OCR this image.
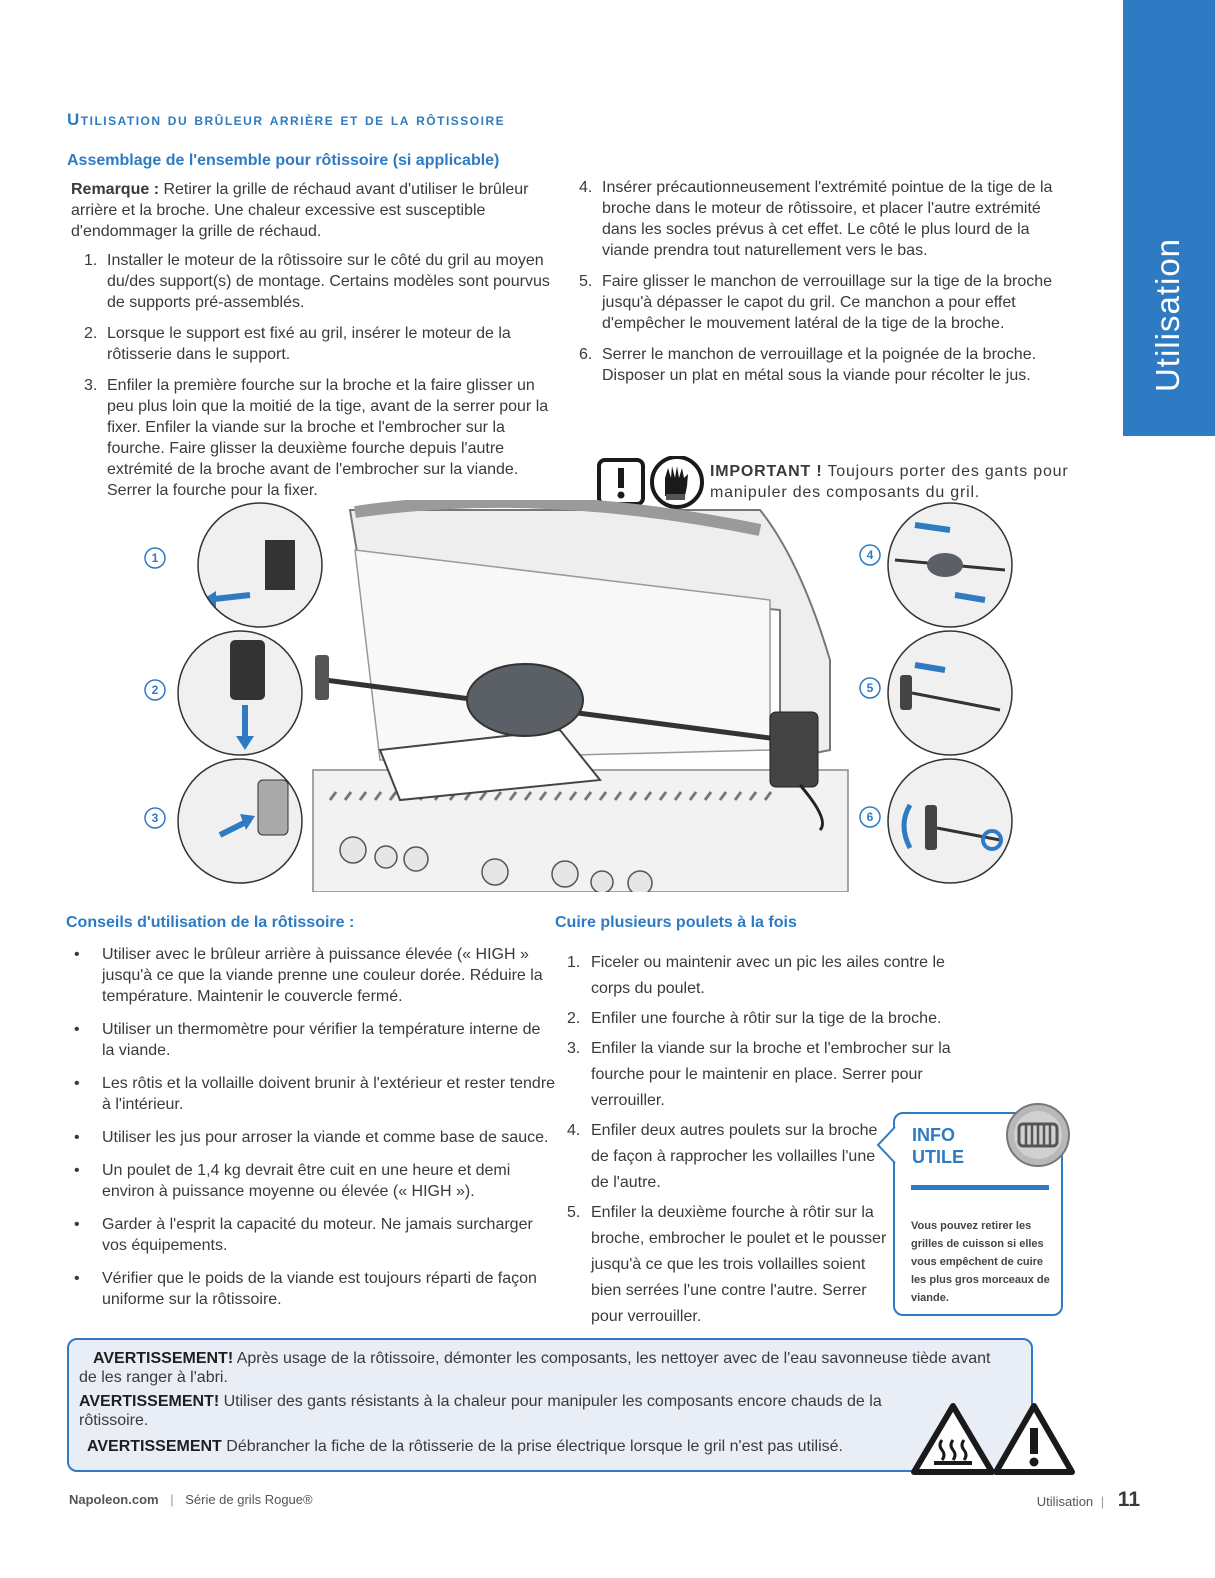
Utilisation
Utilisation du brûleur arrière et de la rôtissoire
Assemblage de l'ensemble pour rôtissoire (si applicable)
Remarque : Retirer la grille de réchaud avant d'utiliser le brûleur arrière et la broche. Une chaleur excessive est susceptible d'endommager la grille de réchaud.
1. Installer le moteur de la rôtissoire sur le côté du gril au moyen du/des support(s) de montage. Certains modèles sont pourvus de supports pré-assemblés.
2. Lorsque le support est fixé au gril, insérer le moteur de la rôtisserie dans le support.
3. Enfiler la première fourche sur la broche et la faire glisser un peu plus loin que la moitié de la tige, avant de la serrer pour la fixer. Enfiler la viande sur la broche et l'embrocher sur la fourche. Faire glisser la deuxième fourche depuis l'autre extrémité de la broche avant de l'embrocher sur la viande. Serrer la fourche pour la fixer.
4. Insérer précautionneusement l'extrémité pointue de la tige de la broche dans le moteur de rôtissoire, et placer l'autre extrémité dans les socles prévus à cet effet. Le côté le plus lourd de la viande prendra tout naturellement vers le bas.
5. Faire glisser le manchon de verrouillage sur la tige de la broche jusqu'à dépasser le capot du gril. Ce manchon a pour effet d'empêcher le mouvement latéral de la tige de la broche.
6. Serrer le manchon de verrouillage et la poignée de la broche. Disposer un plat en métal sous la viande pour récolter le jus.
IMPORTANT ! Toujours porter des gants pour manipuler des composants du gril.
1
2
3
4
5
6
Conseils d'utilisation de la rôtissoire :
• Utiliser avec le brûleur arrière à puissance élevée (« HIGH » jusqu'à ce que la viande prenne une couleur dorée. Réduire la température. Maintenir le couvercle fermé.
• Utiliser un thermomètre pour vérifier la température interne de la viande.
• Les rôtis et la vollaille doivent brunir à l'extérieur et rester tendre à l'intérieur.
• Utiliser les jus pour arroser la viande et comme base de sauce.
• Un poulet de 1,4 kg devrait être cuit en une heure et demi environ à puissance moyenne ou élevée (« HIGH »).
• Garder à l'esprit la capacité du moteur. Ne jamais surcharger vos équipements.
• Vérifier que le poids de la viande est toujours réparti de façon uniforme sur la rôtissoire.
Cuire plusieurs poulets à la fois
1. Ficeler ou maintenir avec un pic les ailes contre le corps du poulet.
2. Enfiler une fourche à rôtir sur la tige de la broche.
3. Enfiler la viande sur la broche et l'embrocher sur la fourche pour le maintenir en place. Serrer pour verrouiller.
4. Enfiler deux autres poulets sur la broche de façon à rapprocher les vollailles l'une de l'autre.
5. Enfiler la deuxième fourche à rôtir sur la broche, embrocher le poulet et le pousser jusqu'à ce que les trois vollailles soient bien serrées l'une contre l'autre. Serrer pour verrouiller.
INFO
UTILE
Vous pouvez retirer les grilles de cuisson si elles vous empêchent de cuire les plus gros morceaux de viande.
AVERTISSEMENT! Après usage de la rôtissoire, démonter les composants, les nettoyer avec de l'eau savonneuse tiède avant de les ranger à l'abri.
AVERTISSEMENT! Utiliser des gants résistants à la chaleur pour manipuler les composants encore chauds de la rôtissoire.
AVERTISSEMENT Débrancher la fiche de la rôtisserie de la prise électrique lorsque le gril n'est pas utilisé.
Napoleon.com | Série de grils Rogue®	Utilisation | 11
